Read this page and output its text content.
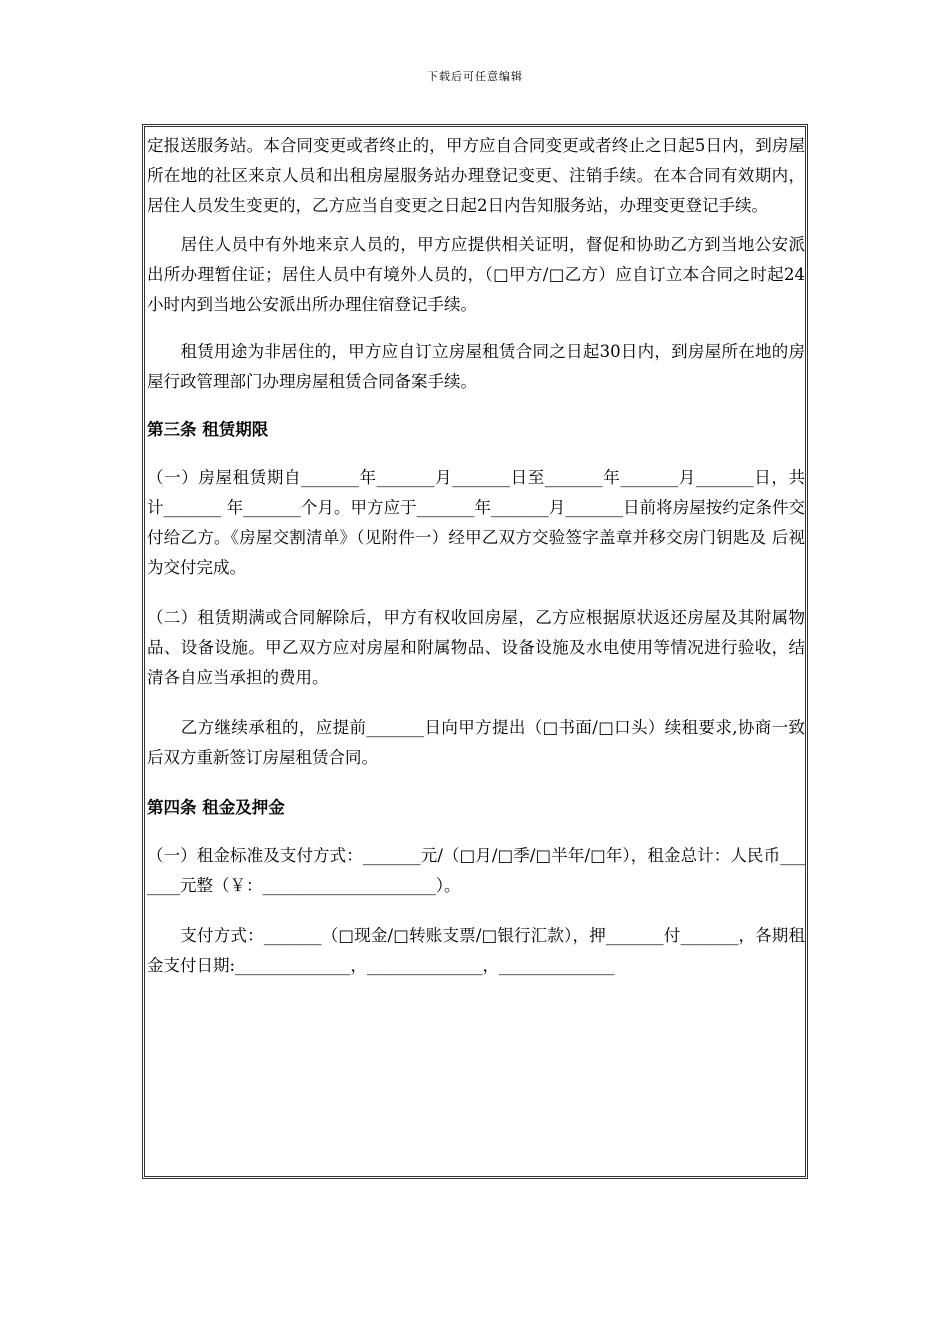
下载后可任意编辑

定报送服务站。本合同变更或者终止的，甲方应自合同变更或者终止之日起5日内，到房屋所在地的社区来京人员和出租房屋服务站办理登记变更、注销手续。在本合同有效期内，居住人员发生变更的，乙方应当自变更之日起2日内告知服务站，办理变更登记手续。

　　居住人员中有外地来京人员的，甲方应提供相关证明，督促和协助乙方到当地公安派出所办理暂住证；居住人员中有境外人员的，（□甲方/□乙方）应自订立本合同之时起24小时内到当地公安派出所办理住宿登记手续。

　　租赁用途为非居住的，甲方应自订立房屋租赁合同之日起30日内，到房屋所在地的房屋行政管理部门办理房屋租赁合同备案手续。

第三条 租赁期限

（一）房屋租赁期自_______年_______月_______日至_______年_______月_______日，共计_______ 年_______个月。甲方应于_______年_______月_______日前将房屋按约定条件交付给乙方。《房屋交割清单》（见附件一）经甲乙双方交验签字盖章并移交房门钥匙及 后视为交付完成。

（二）租赁期满或合同解除后，甲方有权收回房屋，乙方应根据原状返还房屋及其附属物品、设备设施。甲乙双方应对房屋和附属物品、设备设施及水电使用等情况进行验收，结清各自应当承担的费用。

　　乙方继续承租的，应提前_______日向甲方提出（□书面/□口头）续租要求,协商一致后双方重新签订房屋租赁合同。

第四条 租金及押金

（一）租金标准及支付方式：_______元/（□月/□季/□半年/□年），租金总计：人民币_______元整（￥：_____________________）。

　　支付方式：_______（□现金/□转账支票/□银行汇款），押_______付_______，各期租金支付日期:______________，______________，______________
